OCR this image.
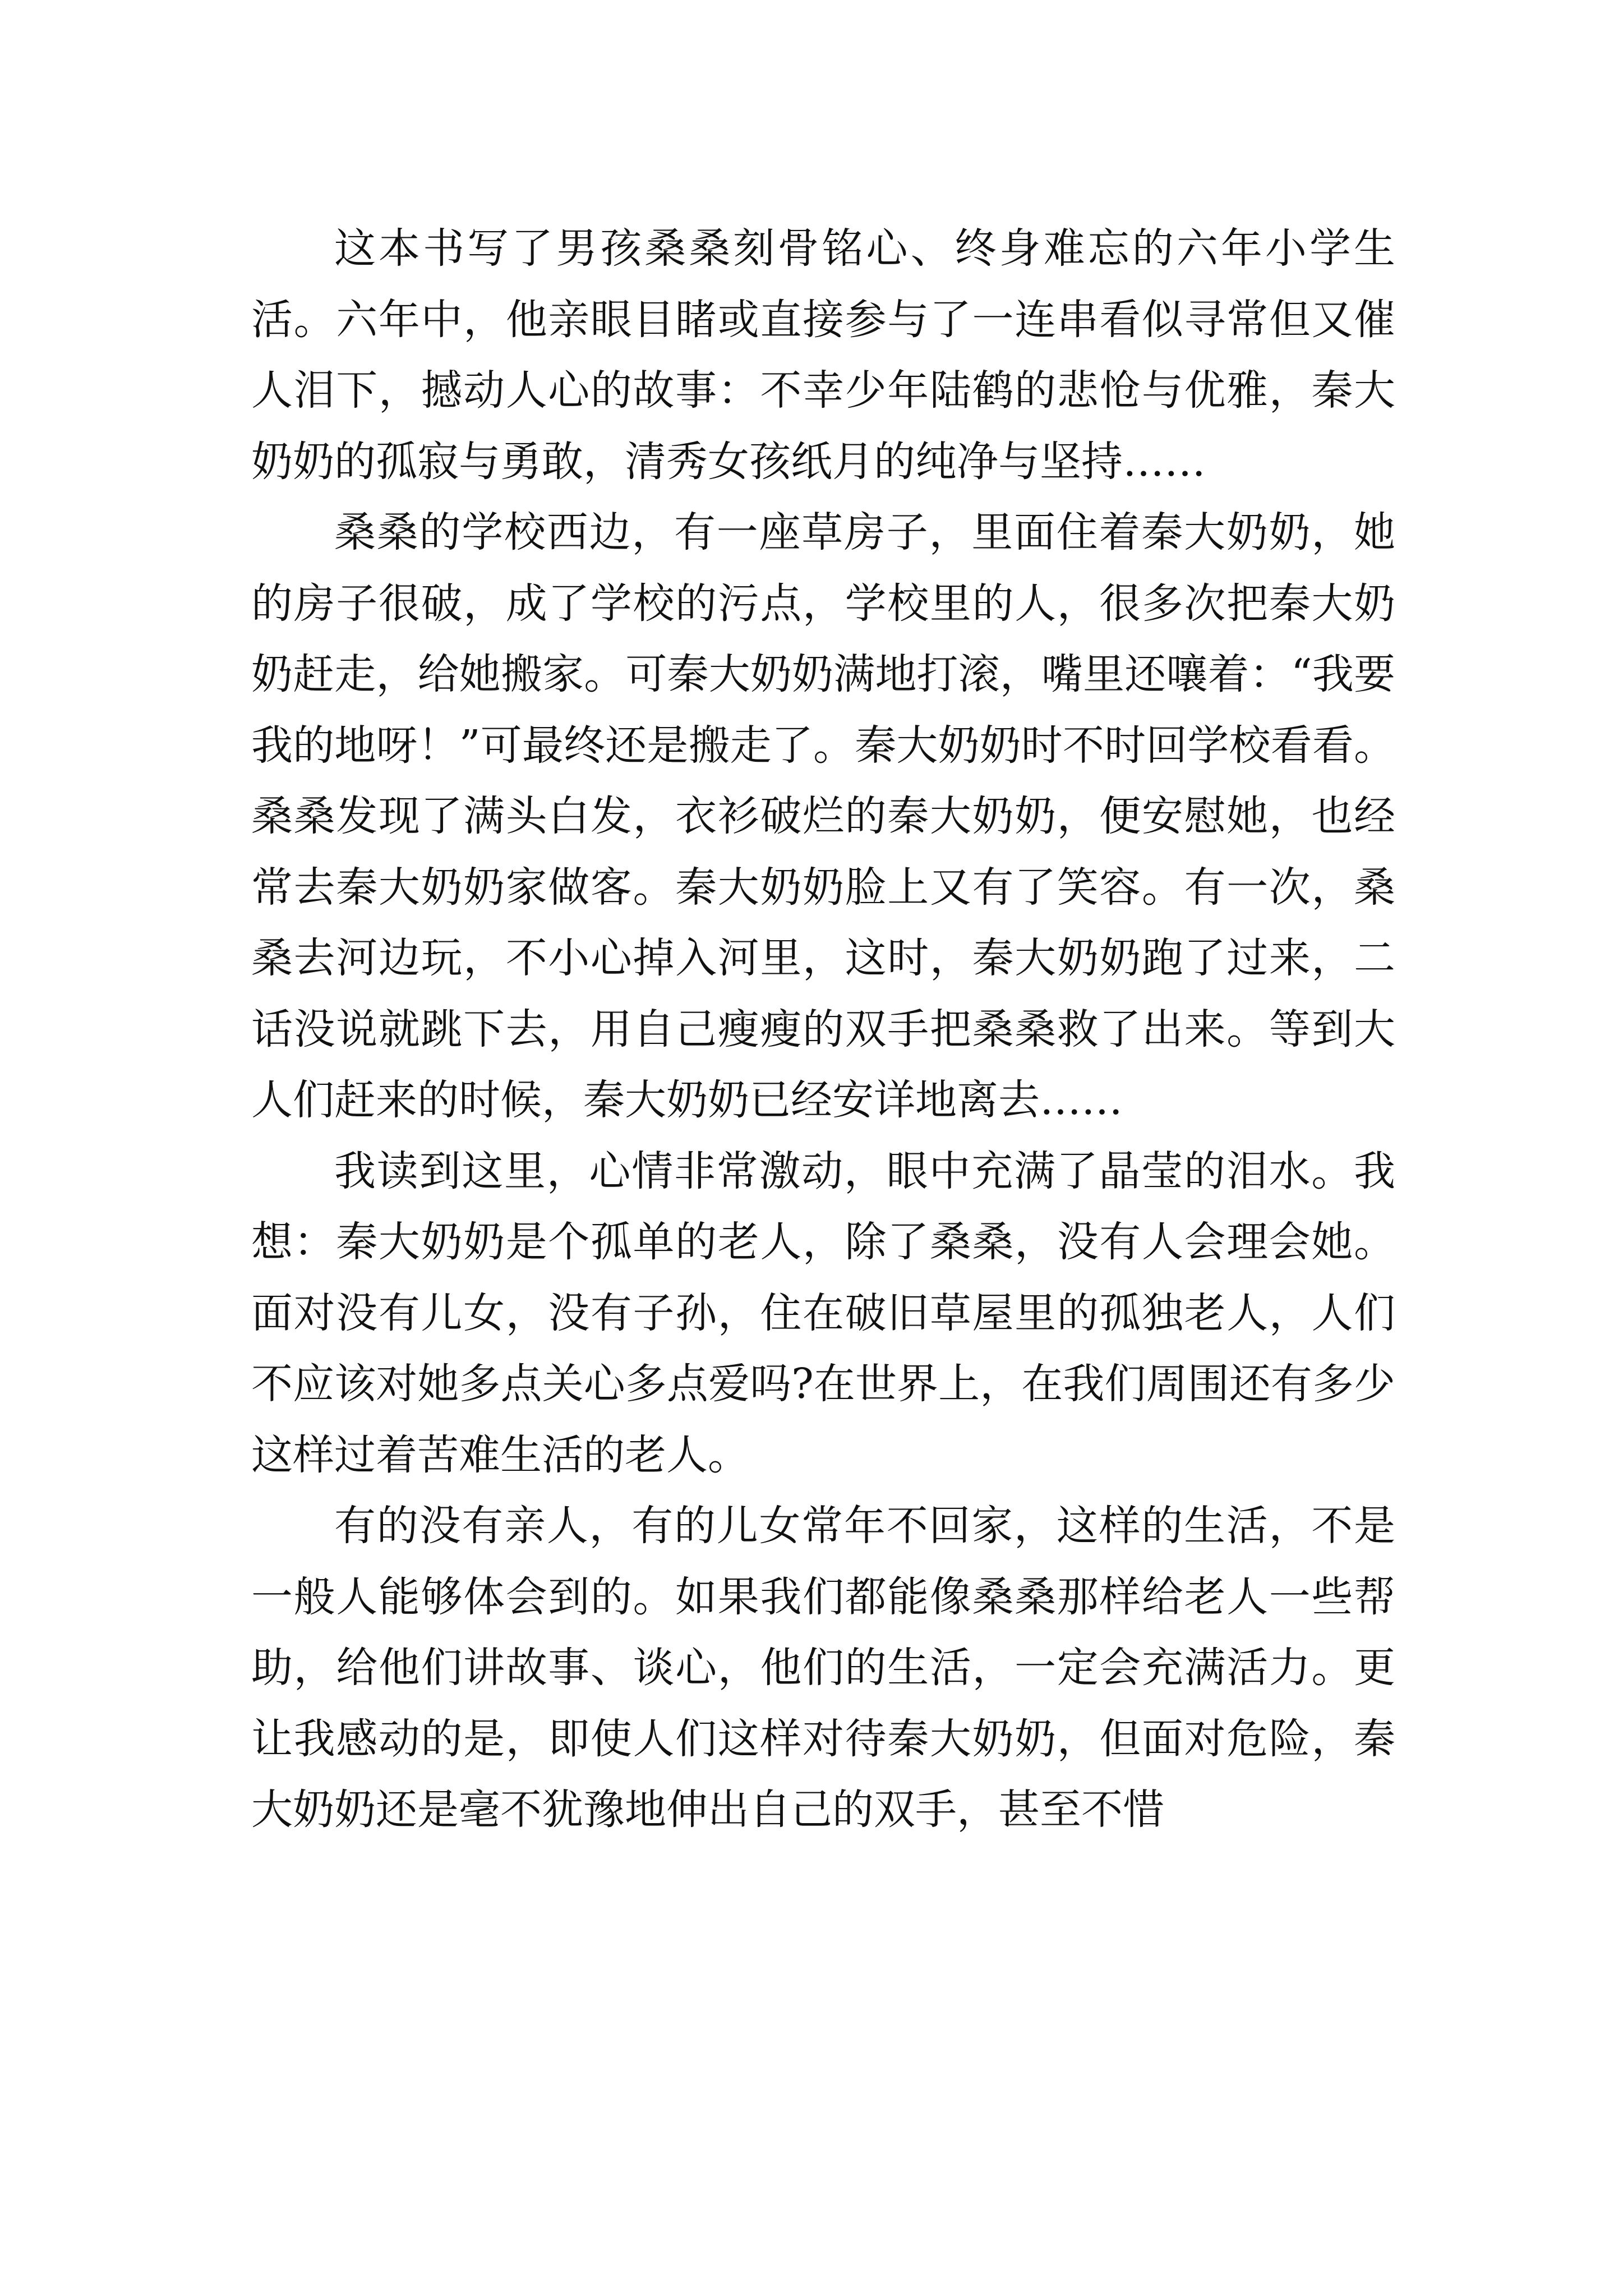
这本书写了男孩桑桑刻骨铭心、终身难忘的六年小学生活。六年中，他亲眼目睹或直接参与了一连串看似寻常但又催人泪下，撼动人心的故事：不幸少年陆鹤的悲怆与优雅，秦大奶奶的孤寂与勇敢，清秀女孩纸月的纯净与坚持……

桑桑的学校西边，有一座草房子，里面住着秦大奶奶，她的房子很破，成了学校的污点，学校里的人，很多次把秦大奶奶赶走，给她搬家。可秦大奶奶满地打滚，嘴里还嚷着：“我要我的地呀！”可最终还是搬走了。秦大奶奶时不时回学校看看。桑桑发现了满头白发，衣衫破烂的秦大奶奶，便安慰她，也经常去秦大奶奶家做客。秦大奶奶脸上又有了笑容。有一次，桑桑去河边玩，不小心掉入河里，这时，秦大奶奶跑了过来，二话没说就跳下去，用自己瘦瘦的双手把桑桑救了出来。等到大人们赶来的时候，秦大奶奶已经安详地离去……

我读到这里，心情非常激动，眼中充满了晶莹的泪水。我想：秦大奶奶是个孤单的老人，除了桑桑，没有人会理会她。面对没有儿女，没有子孙，住在破旧草屋里的孤独老人，人们不应该对她多点关心多点爱吗?在世界上，在我们周围还有多少这样过着苦难生活的老人。

有的没有亲人，有的儿女常年不回家，这样的生活，不是一般人能够体会到的。如果我们都能像桑桑那样给老人一些帮助，给他们讲故事、谈心，他们的生活，一定会充满活力。更让我感动的是，即使人们这样对待秦大奶奶，但面对危险，秦大奶奶还是毫不犹豫地伸出自己的双手，甚至不惜
